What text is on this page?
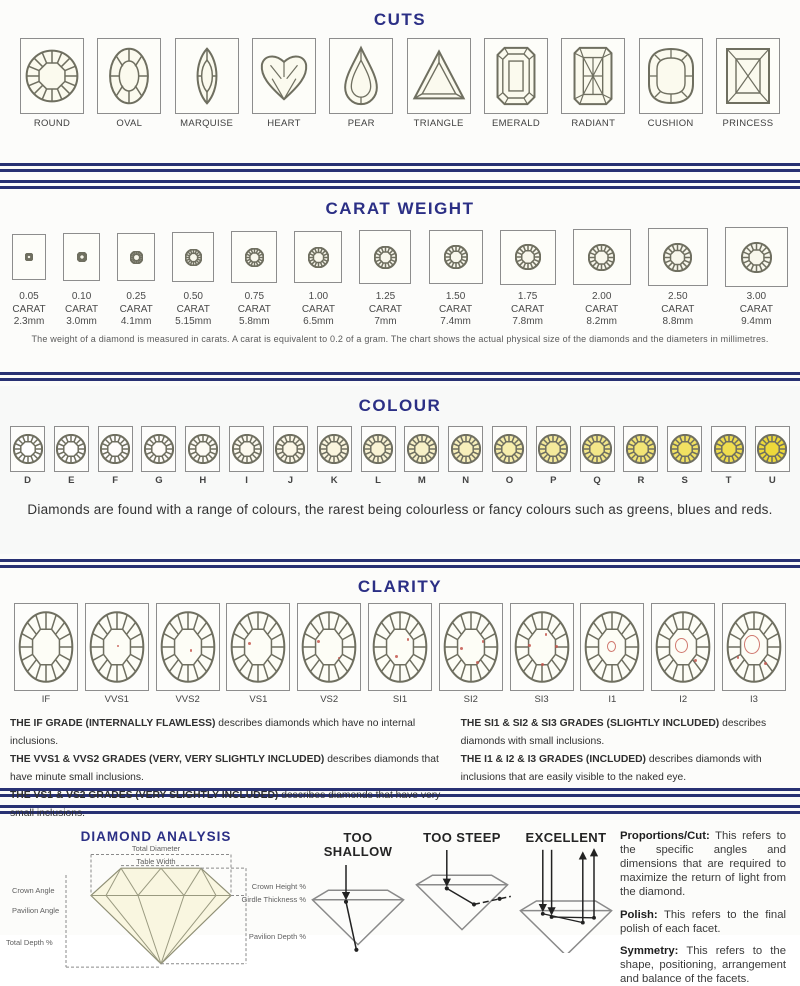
CUTS
ROUND	OVAL	MARQUISE	HEART	PEAR	TRIANGLE	EMERALD	RADIANT	CUSHION	PRINCESS
CARAT WEIGHT
0.05
CARAT
2.3mm
0.10
CARAT
3.0mm
0.25
CARAT
4.1mm
0.50
CARAT
5.15mm
0.75
CARAT
5.8mm
1.00
CARAT
6.5mm
1.25
CARAT
7mm
1.50
CARAT
7.4mm
1.75
CARAT
7.8mm
2.00
CARAT
8.2mm
2.50
CARAT
8.8mm
3.00
CARAT
9.4mm
The weight of a diamond is measured in carats. A carat is equivalent to 0.2 of a gram. The chart shows the actual physical size of the diamonds and the diameters in millimetres.
COLOUR
D	E	F	G	H	I	J	K	L	M	N	O	P	Q	R	S	T	U
Diamonds are found with a range of colours, the rarest being colourless or fancy colours such as greens, blues and reds.
CLARITY
IF	VVS1	VVS2	VS1	VS2	SI1	SI2	SI3	I1	I2	I3
THE IF GRADE (INTERNALLY FLAWLESS) describes diamonds which have no internal inclusions.
THE VVS1 & VVS2 GRADES (VERY, VERY SLIGHTLY INCLUDED) describes diamonds that have minute small inclusions.
THE VS1 & VS2 GRADES (VERY SLIGHTLY INCLUDED) describes diamonds that have very small inclusions.
THE SI1 & SI2 & SI3 GRADES (SLIGHTLY INCLUDED) describes diamonds with small inclusions.
THE I1 & I2 & I3 GRADES (INCLUDED) describes diamonds with inclusions that are easily visible to the naked eye.
DIAMOND ANALYSIS
Total Diameter
Table Width
Crown Angle
Pavilion Angle
Total Depth %
Crown Height %
Girdle Thickness %
Pavilion Depth %
TOO SHALLOW
TOO STEEP	EXCELLENT	Proportions/Cut: This refers to the specific angles and dimensions that are required to maximize the return of light from the diamond.
Polish: This refers to the final polish of each facet.
Symmetry: This refers to the shape, positioning, arrangement and balance of the facets.
